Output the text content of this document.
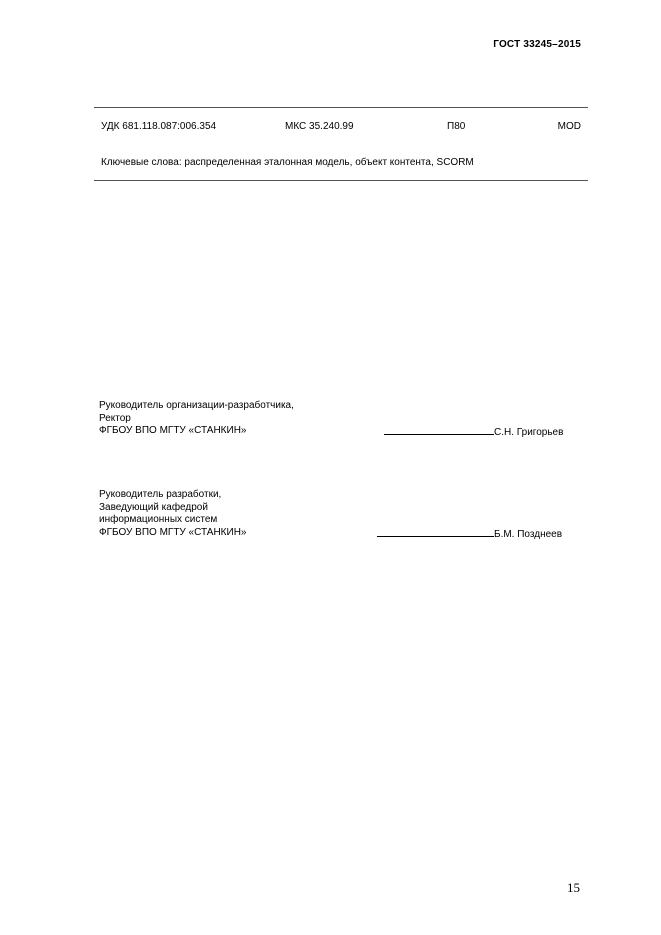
ГОСТ 33245–2015
УДК 681.118.087:006.354	МКС 35.240.99	П80	MOD
Ключевые слова: распределенная эталонная модель, объект контента, SCORM
Руководитель организации-разработчика,
Ректор
ФГБОУ ВПО МГТУ «СТАНКИН»	С.Н. Григорьев
Руководитель разработки,
Заведующий кафедрой
информационных систем
ФГБОУ ВПО МГТУ «СТАНКИН»	Б.М. Позднеев
15
